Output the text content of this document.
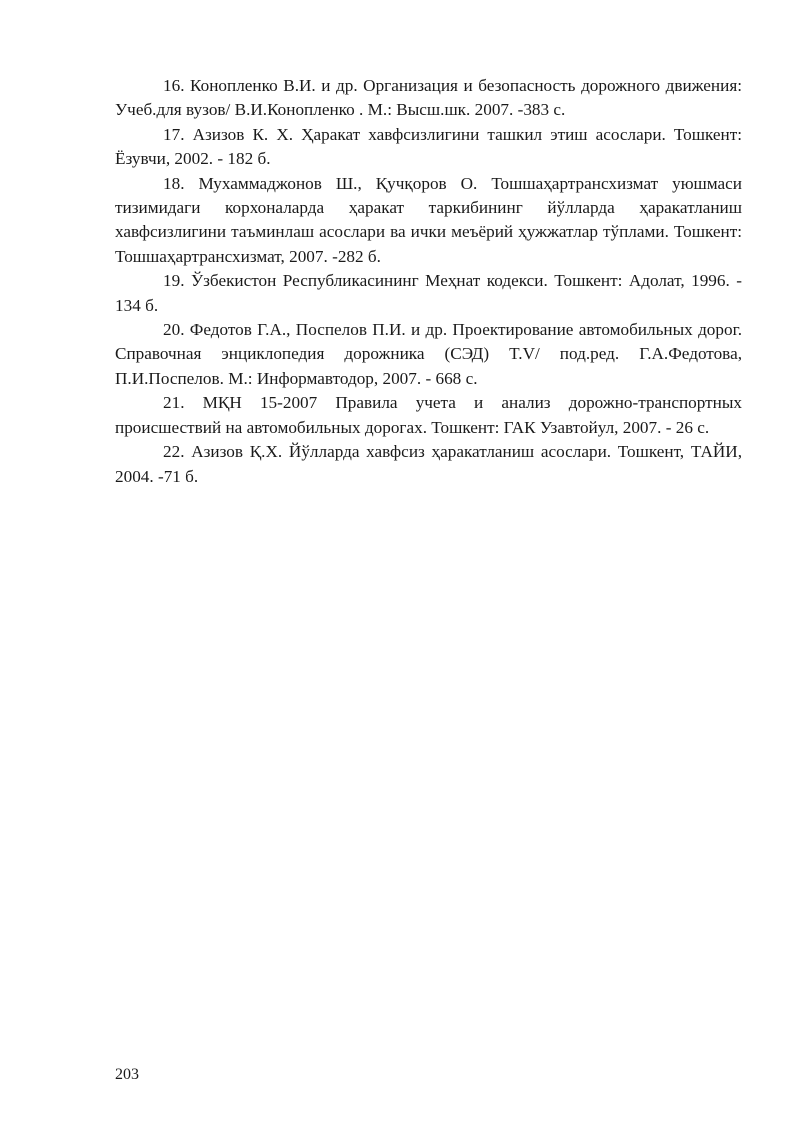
16. Конопленко В.И. и др. Организация и безопасность дорожного движения: Учеб.для вузов/ В.И.Конопленко . М.: Высш.шк. 2007. -383 с.

17. Азизов К. Х. Ҳаракат хавфсизлигини ташкил этиш асослари. Тошкент: Ёзувчи, 2002. - 182 б.

18. Мухаммаджонов Ш., Қучқоров О. Тошшаҳартрансхизмат уюшмаси тизимидаги корхоналарда ҳаракат таркибининг йўлларда ҳаракатланиш хавфсизлигини таъминлаш асослари ва ички меъёрий ҳужжатлар тўплами. Тошкент: Тошшаҳартрансхизмат, 2007. -282 б.

19. Ўзбекистон Республикасининг Меҳнат кодекси. Тошкент: Адолат, 1996. - 134 б.

20. Федотов Г.А., Поспелов П.И. и др. Проектирование автомобильных дорог. Справочная энциклопедия дорожника (СЭД) T.V/ под.ред. Г.А.Федотова, П.И.Поспелов. М.: Информавтодор, 2007. - 668 с.

21. МҚН 15-2007 Правила учета и анализ дорожно-транспортных происшествий на автомобильных дорогах. Тошкент: ГАК Узавтойул, 2007. - 26 с.

22. Азизов Қ.Х. Йўлларда хавфсиз ҳаракатланиш асослари. Тошкент, ТАЙИ, 2004. -71 б.

203
